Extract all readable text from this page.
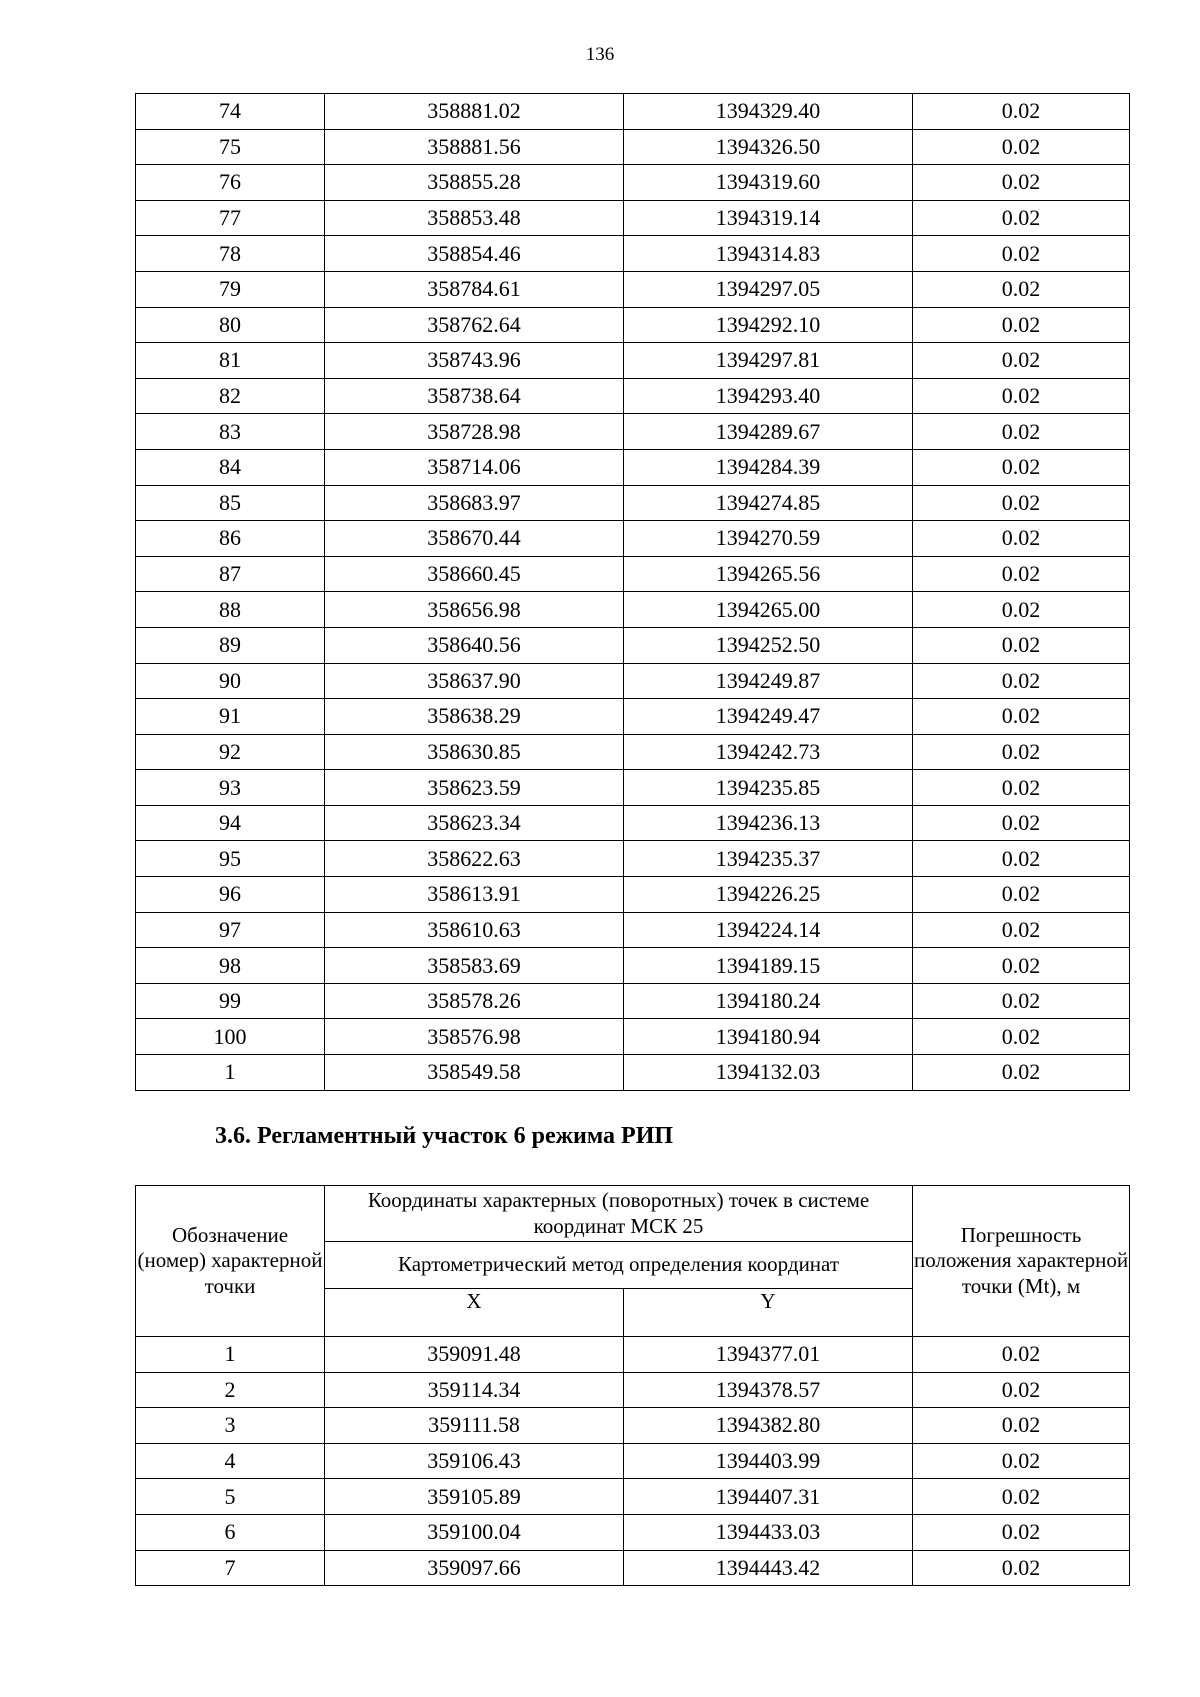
136
74	358881.02	1394329.40	0.02
75	358881.56	1394326.50	0.02
76	358855.28	1394319.60	0.02
77	358853.48	1394319.14	0.02
78	358854.46	1394314.83	0.02
79	358784.61	1394297.05	0.02
80	358762.64	1394292.10	0.02
81	358743.96	1394297.81	0.02
82	358738.64	1394293.40	0.02
83	358728.98	1394289.67	0.02
84	358714.06	1394284.39	0.02
85	358683.97	1394274.85	0.02
86	358670.44	1394270.59	0.02
87	358660.45	1394265.56	0.02
88	358656.98	1394265.00	0.02
89	358640.56	1394252.50	0.02
90	358637.90	1394249.87	0.02
91	358638.29	1394249.47	0.02
92	358630.85	1394242.73	0.02
93	358623.59	1394235.85	0.02
94	358623.34	1394236.13	0.02
95	358622.63	1394235.37	0.02
96	358613.91	1394226.25	0.02
97	358610.63	1394224.14	0.02
98	358583.69	1394189.15	0.02
99	358578.26	1394180.24	0.02
100	358576.98	1394180.94	0.02
1	358549.58	1394132.03	0.02
3.6. Регламентный участок 6 режима РИП
Обозначение (номер) характерной точки	Координаты характерных (поворотных) точек в системе координат МСК 25		Погрешность положения характерной точки (Mt), м
	Картометрический метод определения координат		
	X	Y	
1	359091.48	1394377.01	0.02
2	359114.34	1394378.57	0.02
3	359111.58	1394382.80	0.02
4	359106.43	1394403.99	0.02
5	359105.89	1394407.31	0.02
6	359100.04	1394433.03	0.02
7	359097.66	1394443.42	0.02
